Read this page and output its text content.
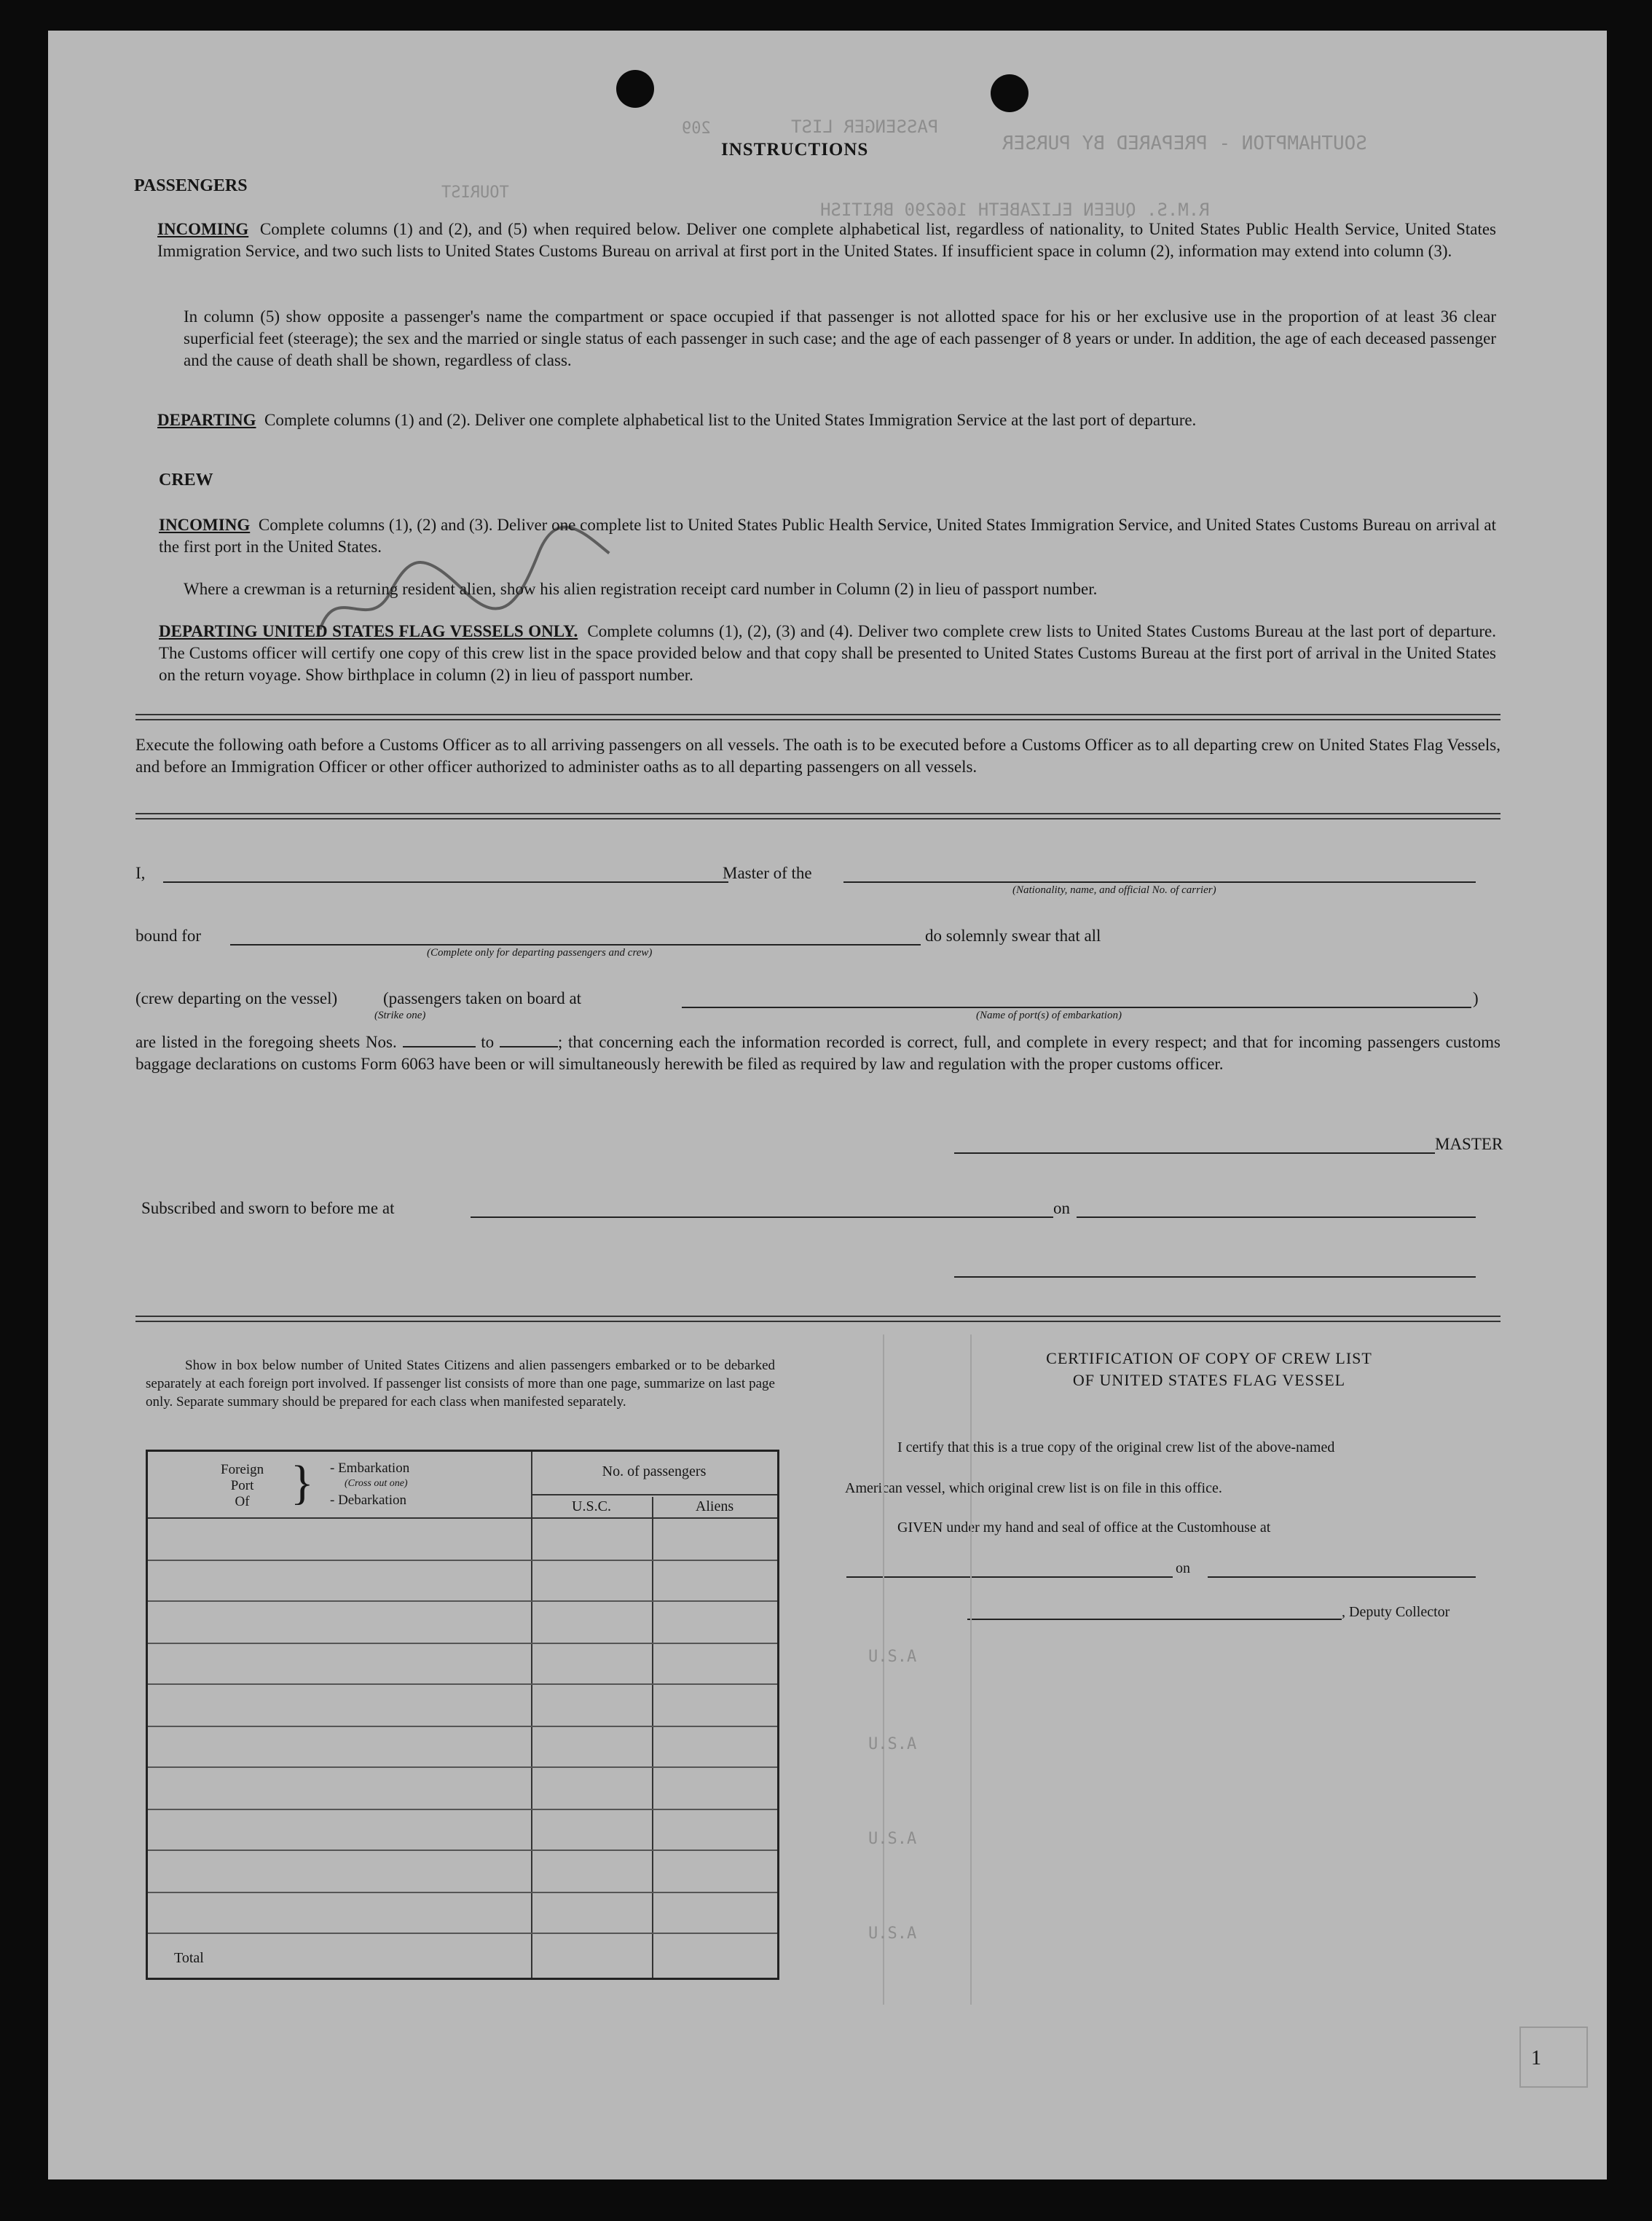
PASSENGER LIST
TOURIST
209
SOUTHAMPTON - PREPARED BY PURSER
R.M.S. QUEEN ELIZABETH 166290 BRITISH
INSTRUCTIONS
PASSENGERS
INCOMING Complete columns (1) and (2), and (5) when required below. Deliver one complete alphabetical list, regardless of nationality, to United States Public Health Service, United States Immigration Service, and two such lists to United States Customs Bureau on arrival at first port in the United States. If insufficient space in column (2), information may extend into column (3).
In column (5) show opposite a passenger's name the compartment or space occupied if that passenger is not allotted space for his or her exclusive use in the proportion of at least 36 clear superficial feet (steerage); the sex and the married or single status of each passenger in such case; and the age of each passenger of 8 years or under. In addition, the age of each deceased passenger and the cause of death shall be shown, regardless of class.
DEPARTING Complete columns (1) and (2). Deliver one complete alphabetical list to the United States Immigration Service at the last port of departure.
CREW
INCOMING Complete columns (1), (2) and (3). Deliver one complete list to United States Public Health Service, United States Immigration Service, and United States Customs Bureau on arrival at the first port in the United States.
Where a crewman is a returning resident alien, show his alien registration receipt card number in Column (2) in lieu of passport number.
DEPARTING UNITED STATES FLAG VESSELS ONLY. Complete columns (1), (2), (3) and (4). Deliver two complete crew lists to United States Customs Bureau at the last port of departure. The Customs officer will certify one copy of this crew list in the space provided below and that copy shall be presented to United States Customs Bureau at the first port of arrival in the United States on the return voyage. Show birthplace in column (2) in lieu of passport number.
Execute the following oath before a Customs Officer as to all arriving passengers on all vessels. The oath is to be executed before a Customs Officer as to all departing crew on United States Flag Vessels, and before an Immigration Officer or other officer authorized to administer oaths as to all departing passengers on all vessels.
I,	Master of the
(Nationality, name, and official No. of carrier)
bound for
(Complete only for departing passengers and crew)
do solemnly swear that all
(crew departing on the vessel)	(passengers taken on board at
(Strike one)	(Name of port(s) of embarkation)
)
are listed in the foregoing sheets Nos.	to	; that concerning each the information recorded is correct, full, and complete in every respect; and that for incoming passengers customs baggage declarations on customs Form 6063 have been or will simultaneously herewith be filed as required by law and regulation with the proper customs officer.
MASTER
Subscribed and sworn to before me at	on
Show in box below number of United States Citizens and alien passengers embarked or to be debarked separately at each foreign port involved. If passenger list consists of more than one page, summarize on last page only. Separate summary should be prepared for each class when manifested separately.
Foreign
Port
Of } - Embarkation
(Cross out one)
- Debarkation
No. of passengers
U.S.C.	Aliens
Total
CERTIFICATION OF COPY OF CREW LIST
OF UNITED STATES FLAG VESSEL
I certify that this is a true copy of the original crew list of the above-named
American vessel, which original crew list is on file in this office.
GIVEN under my hand and seal of office at the Customhouse at
on
, Deputy Collector
U.S.A
U.S.A
U.S.A
U.S.A
1
